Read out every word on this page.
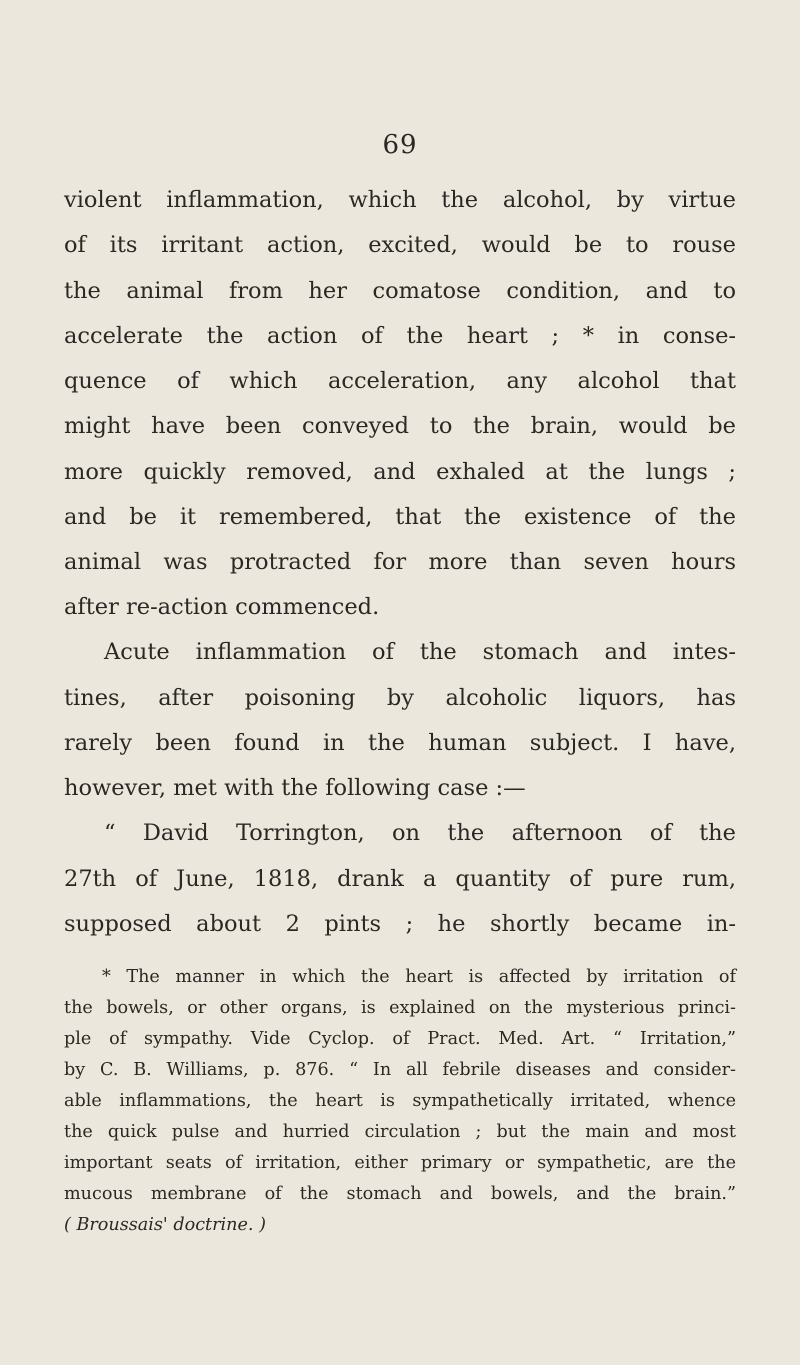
69
violent inflammation, which the alcohol, by virtue
of its irritant action, excited, would be to rouse
the animal from her comatose condition, and to
accelerate the action of the heart ; * in conse-
quence of which acceleration, any alcohol that
might have been conveyed to the brain, would be
more quickly removed, and exhaled at the lungs ;
and be it remembered, that the existence of the
animal was protracted for more than seven hours
after re-action commenced.
Acute inflammation of the stomach and intes-
tines, after poisoning by alcoholic liquors, has
rarely been found in the human subject. I have,
however, met with the following case :—
“ David Torrington, on the afternoon of the
27th of June, 1818, drank a quantity of pure rum,
supposed about 2 pints ; he shortly became in-
* The manner in which the heart is affected by irritation of
the bowels, or other organs, is explained on the mysterious princi-
ple of sympathy. Vide Cyclop. of Pract. Med. Art. “ Irritation,”
by C. B. Williams, p. 876. “ In all febrile diseases and consider-
able inflammations, the heart is sympathetically irritated, whence
the quick pulse and hurried circulation ; but the main and most
important seats of irritation, either primary or sympathetic, are the
mucous membrane of the stomach and bowels, and the brain.”
( Broussais' doctrine. )
